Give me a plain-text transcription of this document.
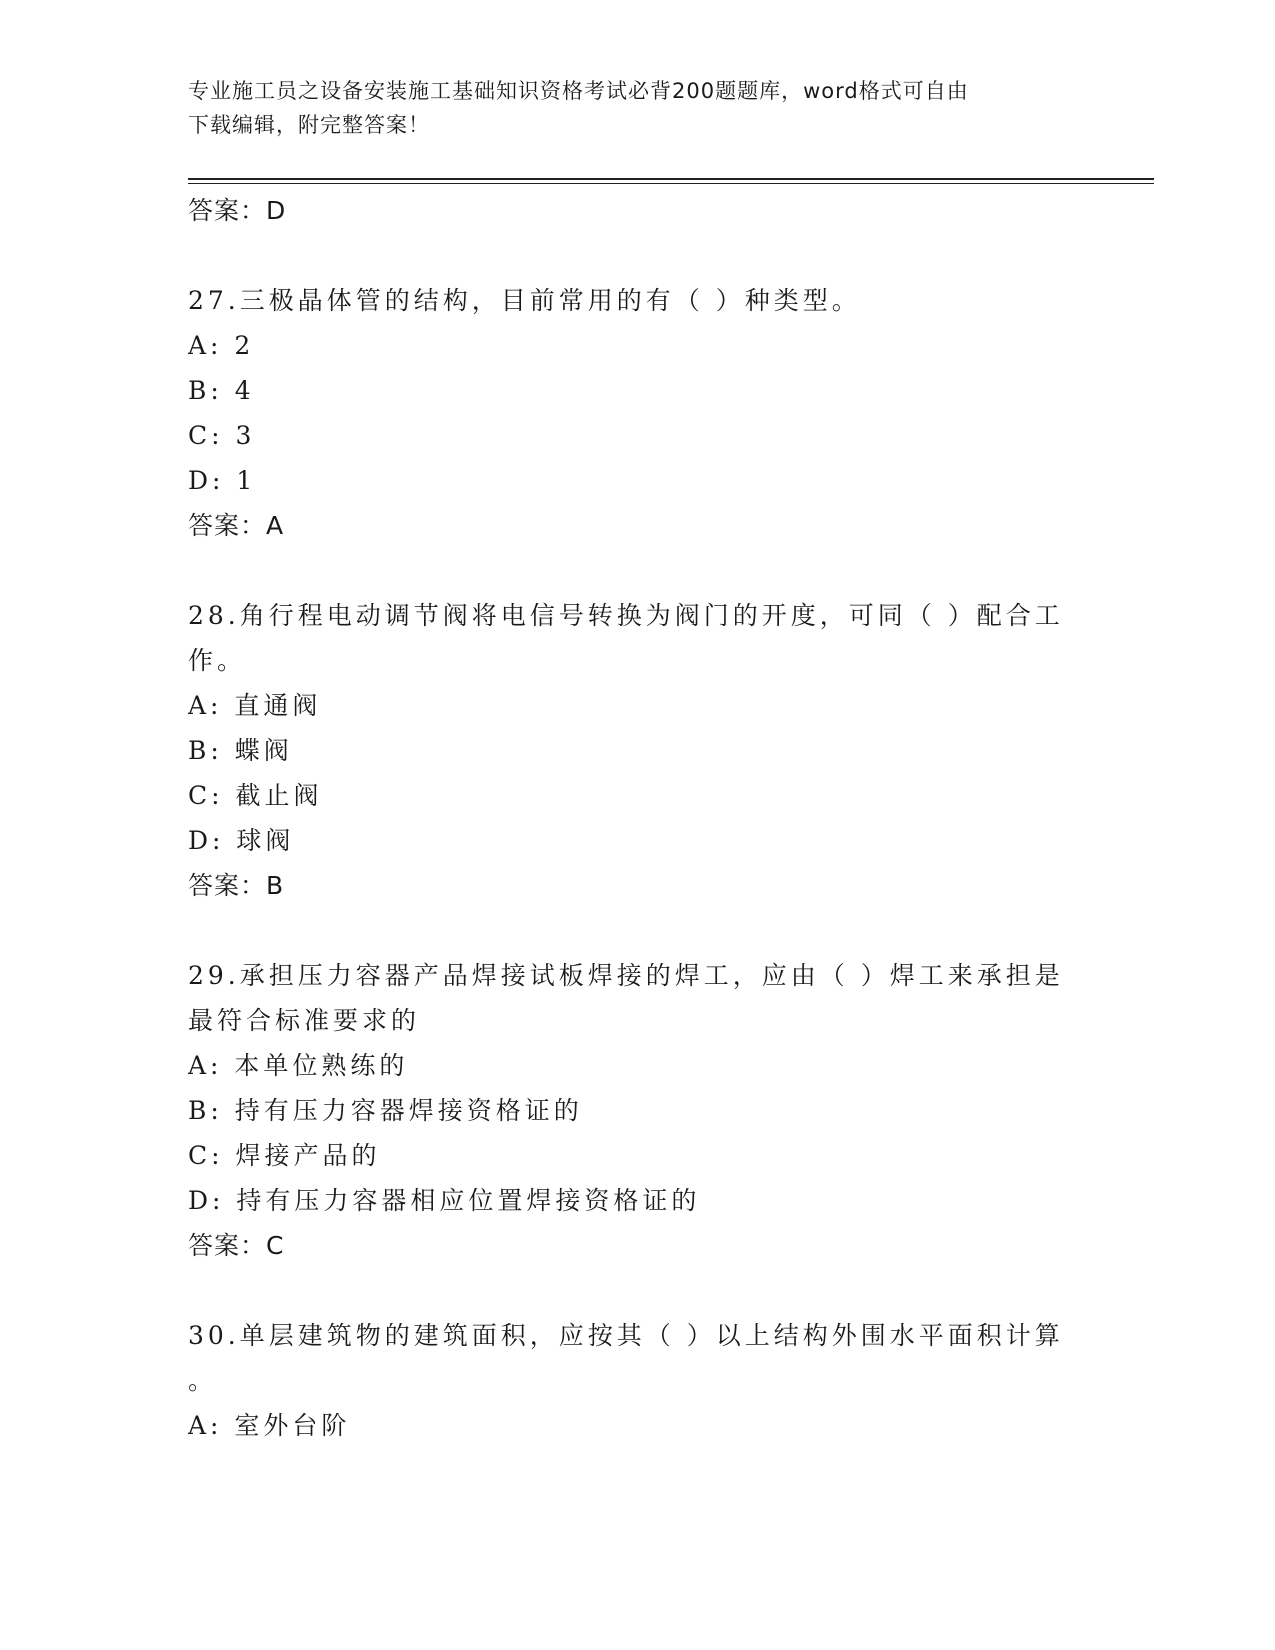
专业施工员之设备安装施工基础知识资格考试必背200题题库，word格式可自由
下载编辑，附完整答案！
答案：D
27.三极晶体管的结构，目前常用的有（ ）种类型。
A: 2
B: 4
C: 3
D: 1
答案：A
28.角行程电动调节阀将电信号转换为阀门的开度，可同（ ）配合工
作。
A: 直通阀
B: 蝶阀
C: 截止阀
D: 球阀
答案：B
29.承担压力容器产品焊接试板焊接的焊工，应由（ ）焊工来承担是
最符合标准要求的
A: 本单位熟练的
B: 持有压力容器焊接资格证的
C: 焊接产品的
D: 持有压力容器相应位置焊接资格证的
答案：C
30.单层建筑物的建筑面积，应按其（ ）以上结构外围水平面积计算
。
A: 室外台阶
